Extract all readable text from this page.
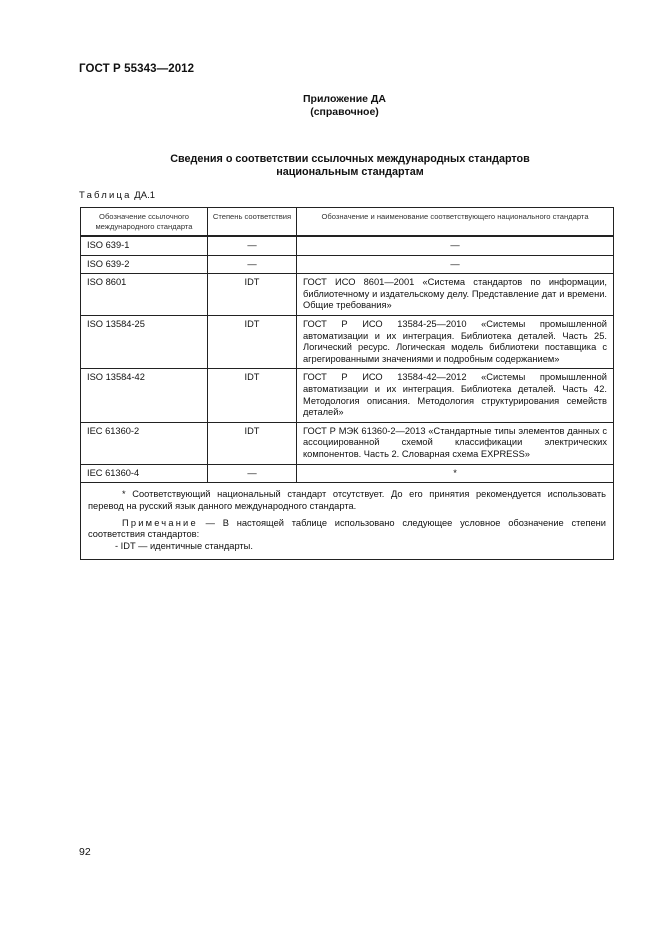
ГОСТ Р 55343—2012
Приложение ДА
(справочное)
Сведения о соответствии ссылочных международных стандартов
национальным стандартам
Таблица ДА.1
Обозначение ссылочного международного стандарта	Степень соответствия	Обозначение и наименование соответствующего национального стандарта
ISO 639-1	—	—
ISO 639-2	—	—
ISO 8601	IDT	ГОСТ ИСО 8601—2001 «Система стандартов по информации, библиотечному и издательскому делу. Представление дат и времени. Общие требования»
ISO 13584-25	IDT	ГОСТ Р ИСО 13584-25—2010 «Системы промышленной автоматизации и их интеграция. Библиотека деталей. Часть 25. Логический ресурс. Логическая модель библиотеки поставщика с агрегированными значениями и подробным содержанием»
ISO 13584-42	IDT	ГОСТ Р ИСО 13584-42—2012 «Системы промышленной автоматизации и их интеграция. Библиотека деталей. Часть 42. Методология описания. Методология структурирования семейств деталей»
IEC 61360-2	IDT	ГОСТ Р МЭК 61360-2—2013 «Стандартные типы элементов данных с ассоциированной схемой классификации электрических компонентов. Часть 2. Словарная схема EXPRESS»
IEC 61360-4	—	*

* Соответствующий национальный стандарт отсутствует. До его принятия рекомендуется использовать перевод на русский язык данного международного стандарта.

Примечание — В настоящей таблице использовано следующее условное обозначение степени соответствия стандартов:

- IDT — идентичные стандарты.		

92
